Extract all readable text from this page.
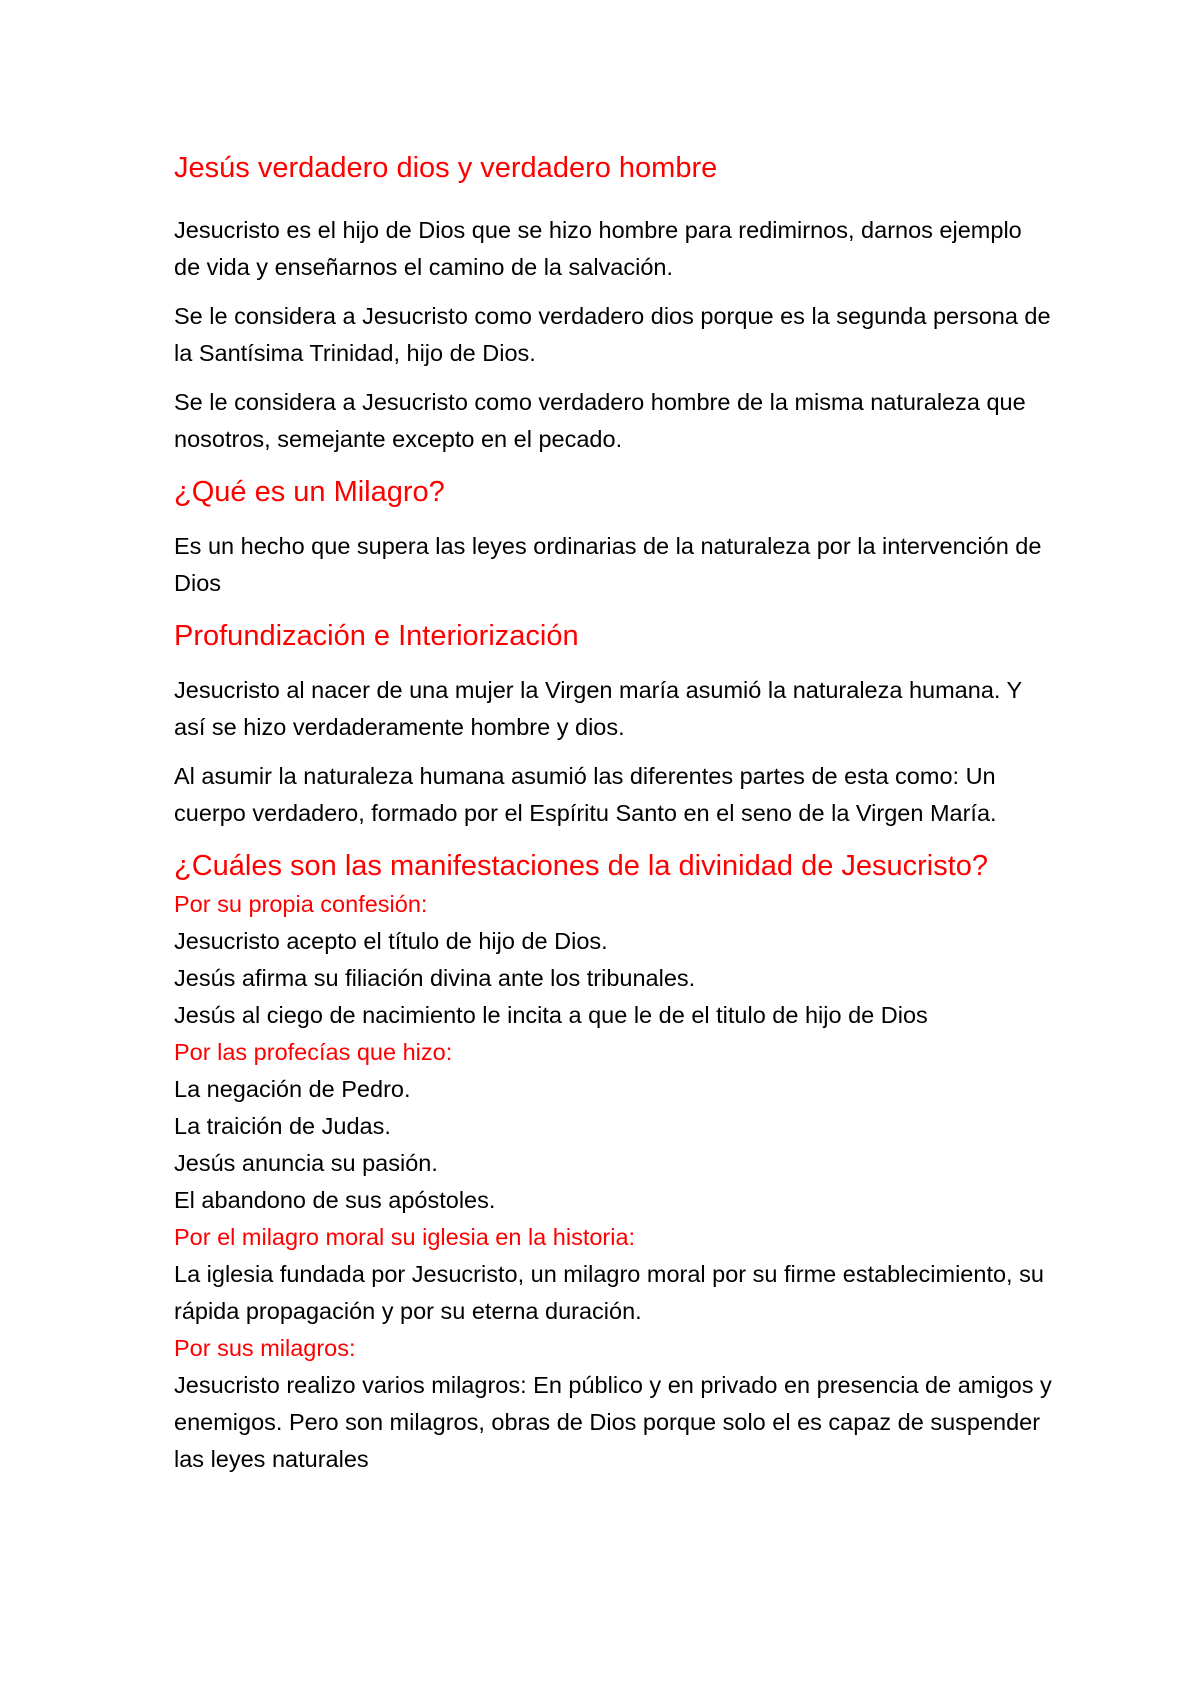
Jesús verdadero dios y verdadero hombre

Jesucristo es el hijo de Dios que se hizo hombre para redimirnos, darnos ejemplo de vida y enseñarnos el camino de la salvación.

Se le considera a Jesucristo como verdadero dios porque es la segunda persona de la Santísima Trinidad, hijo de Dios.

Se le considera a Jesucristo como verdadero hombre de la misma naturaleza que nosotros, semejante excepto en el pecado.

¿Qué es un Milagro?

Es un hecho que supera las leyes ordinarias de la naturaleza por la intervención de Dios

Profundización e Interiorización

Jesucristo al nacer de una mujer la Virgen maría asumió la naturaleza humana. Y así se hizo verdaderamente hombre y dios.

Al asumir la naturaleza humana asumió las diferentes partes de esta como: Un cuerpo verdadero, formado por el Espíritu Santo en el seno de la Virgen María.

¿Cuáles son las manifestaciones de la divinidad de Jesucristo?
Por su propia confesión:
Jesucristo acepto el título de hijo de Dios.
Jesús afirma su filiación divina ante los tribunales.
Jesús al ciego de nacimiento le incita a que le de el titulo de hijo de Dios
Por las profecías que hizo:
La negación de Pedro.
La traición de Judas.
Jesús anuncia su pasión.
El abandono de sus apóstoles.
Por el milagro moral su iglesia en la historia:
La iglesia fundada por Jesucristo, un milagro moral por su firme establecimiento, su rápida propagación y por su eterna duración.
Por sus milagros:
Jesucristo realizo varios milagros: En público y en privado en presencia de amigos y enemigos. Pero son milagros, obras de Dios porque solo el es capaz de suspender las leyes naturales
